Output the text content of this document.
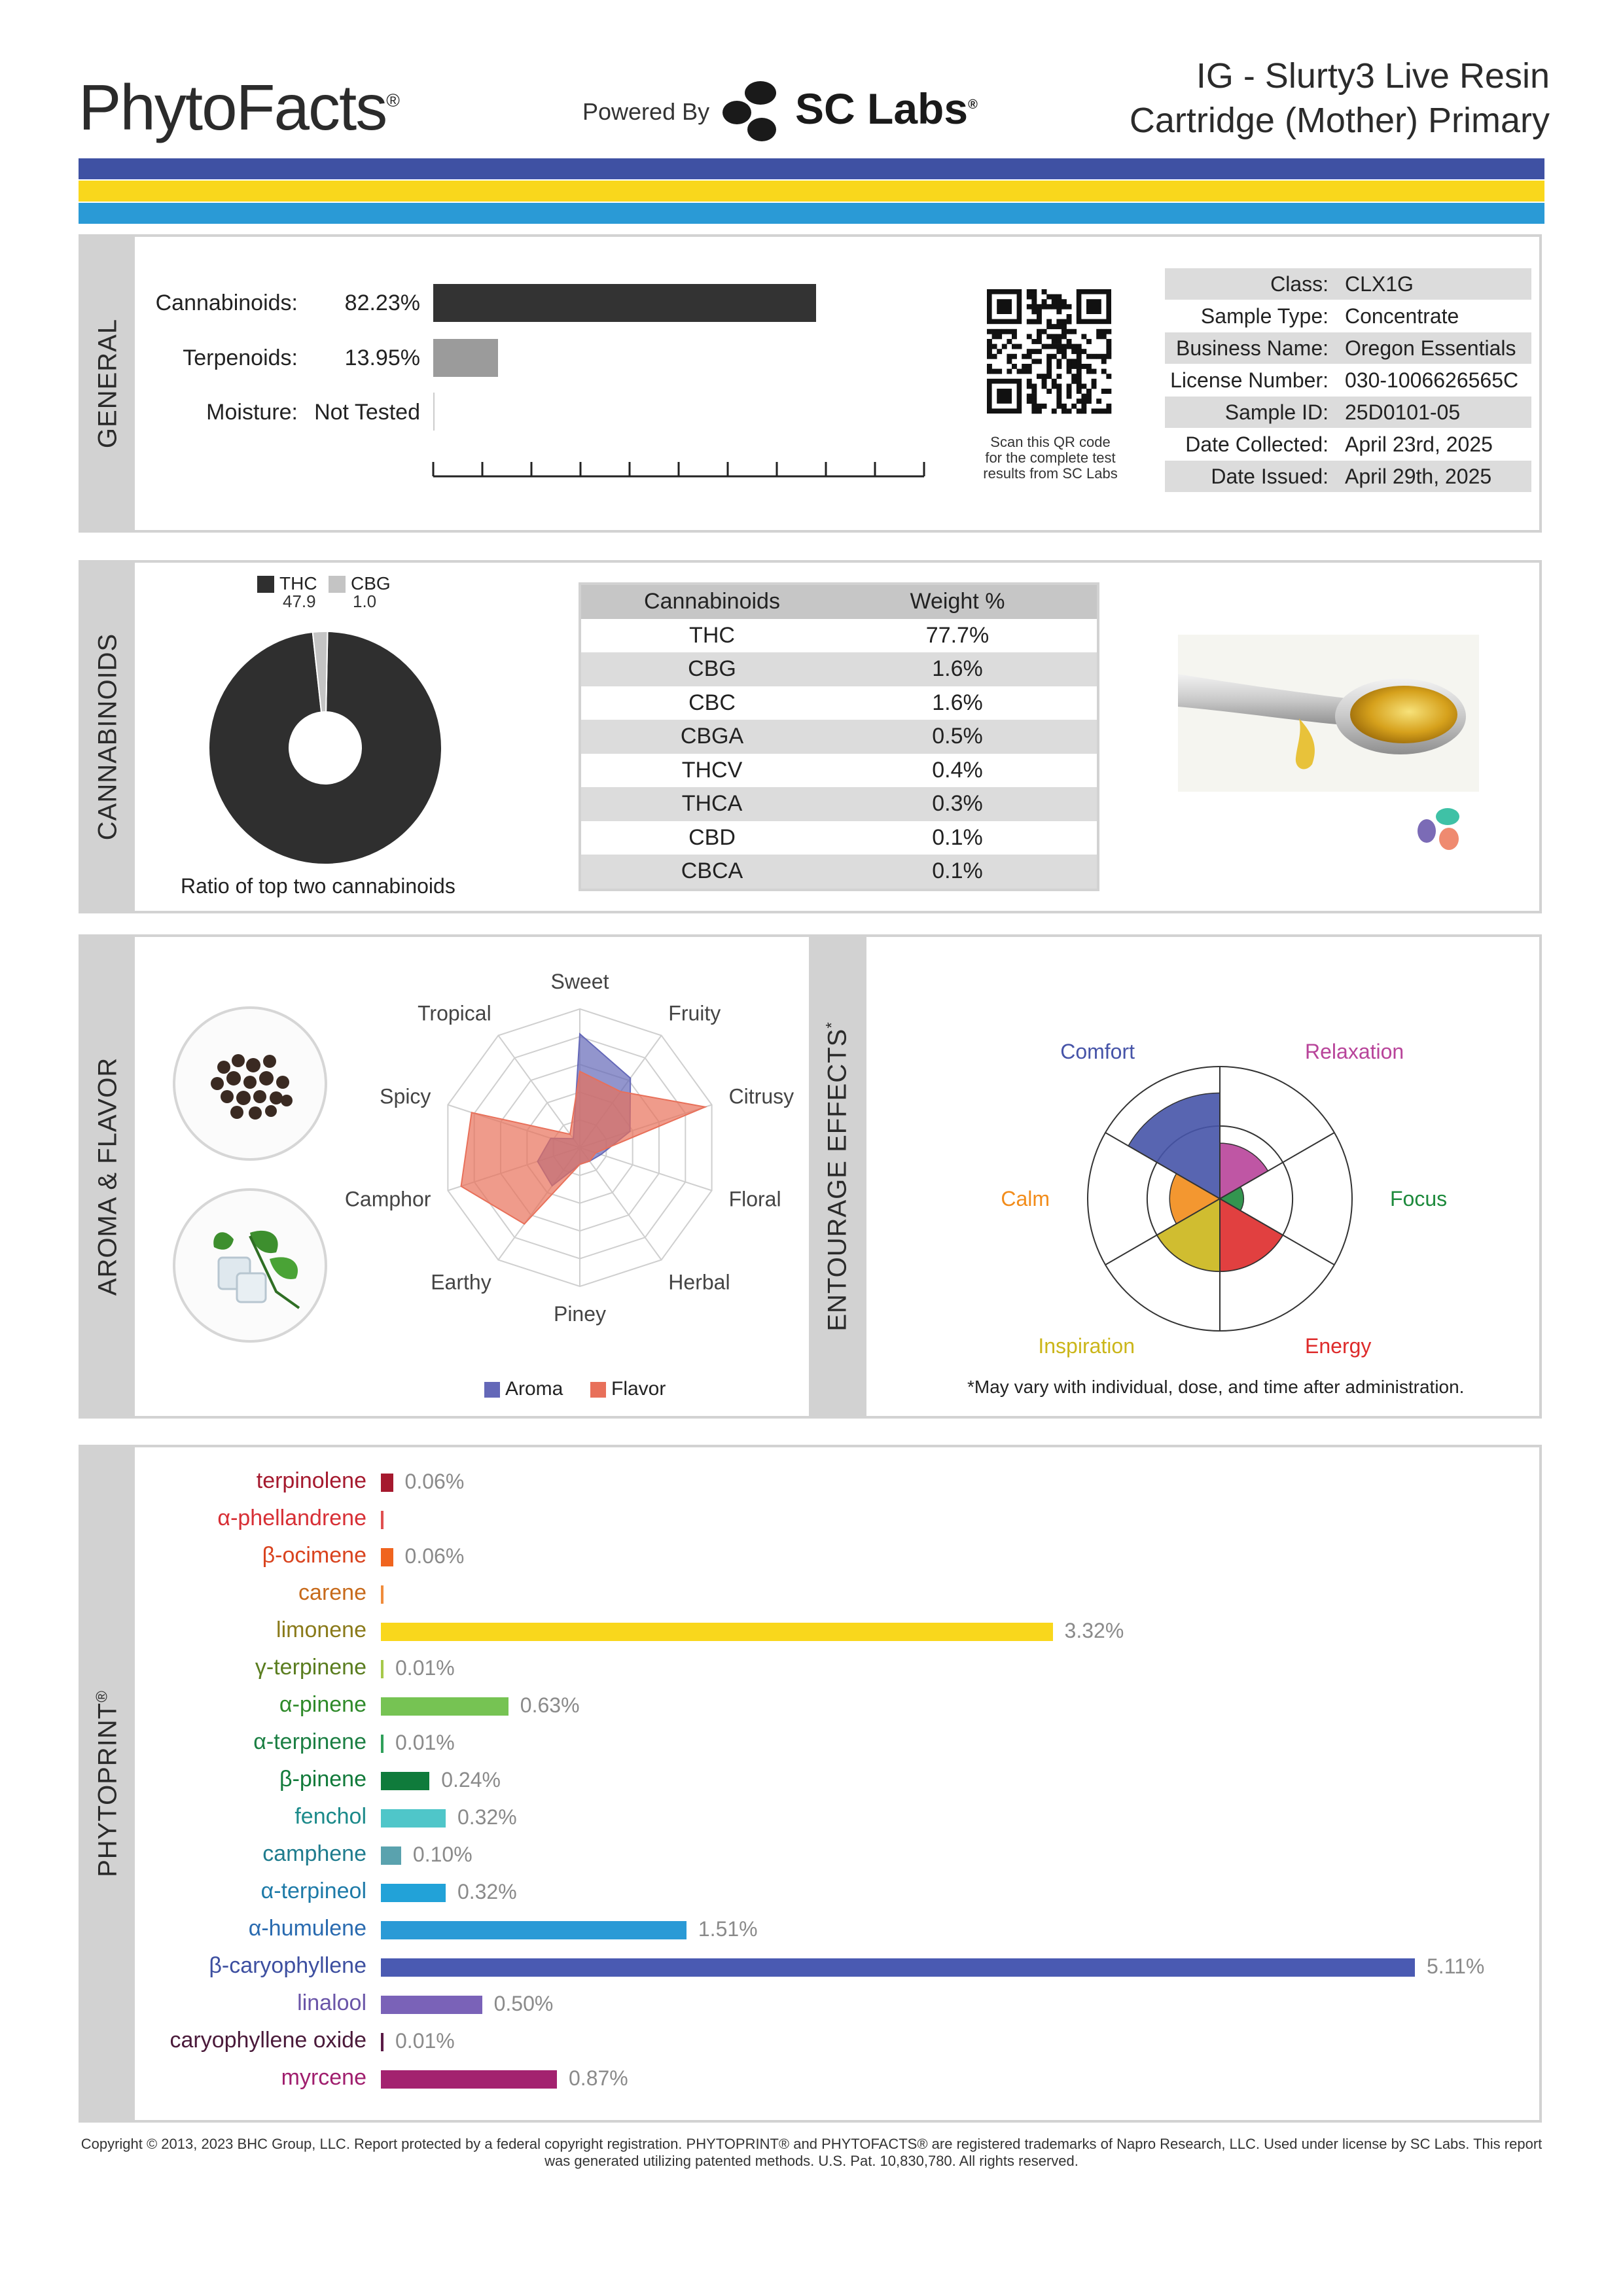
PhytoFacts®	Powered By SC Labs®
IG - Slurty3 Live Resin
Cartridge (Mother) Primary
GENERAL
Cannabinoids: 82.23%
Terpenoids: 13.95%
Moisture: Not Tested
Scan this QR code
for the complete test
results from SC Labs
Class: CLX1G
Sample Type: Concentrate
Business Name: Oregon Essentials
License Number: 030-1006626565C
Sample ID: 25D0101-05
Date Collected: April 23rd, 2025
Date Issued: April 29th, 2025
CANNABINOIDS
THC
47.9
CBG
1.0
Ratio of top two cannabinoids
Cannabinoids	Weight %
THC	77.7%
CBG	1.6%
CBC	1.6%
CBGA	0.5%
THCV	0.4%
THCA	0.3%
CBD	0.1%
CBCA	0.1%
AROMA & FLAVOR	ENTOURAGE EFFECTS*
Sweet
Fruity
Citrusy
Floral
Herbal
Piney
Earthy
Camphor
Spicy
Tropical
Aroma Flavor
Relaxation
Focus
Energy
Inspiration
Calm
Comfort
*May vary with individual, dose, and time after administration.
PHYTOPRINT®
terpinolene 0.06%
α-phellandrene
β-ocimene 0.06%
carene
limonene	3.32%
γ-terpinene 0.01%
α-pinene	0.63%
α-terpinene 0.01%
β-pinene	0.24%
fenchol	0.32%
camphene 0.10%
α-terpineol	0.32%
α-humulene	1.51%
β-caryophyllene	5.11%
linalool	0.50%
caryophyllene oxide 0.01%
myrcene	0.87%
Copyright © 2013, 2023 BHC Group, LLC. Report protected by a federal copyright registration. PHYTOPRINT® and PHYTOFACTS® are registered trademarks of Napro Research, LLC. Used under license by SC Labs. This report
was generated utilizing patented methods. U.S. Pat. 10,830,780. All rights reserved.
